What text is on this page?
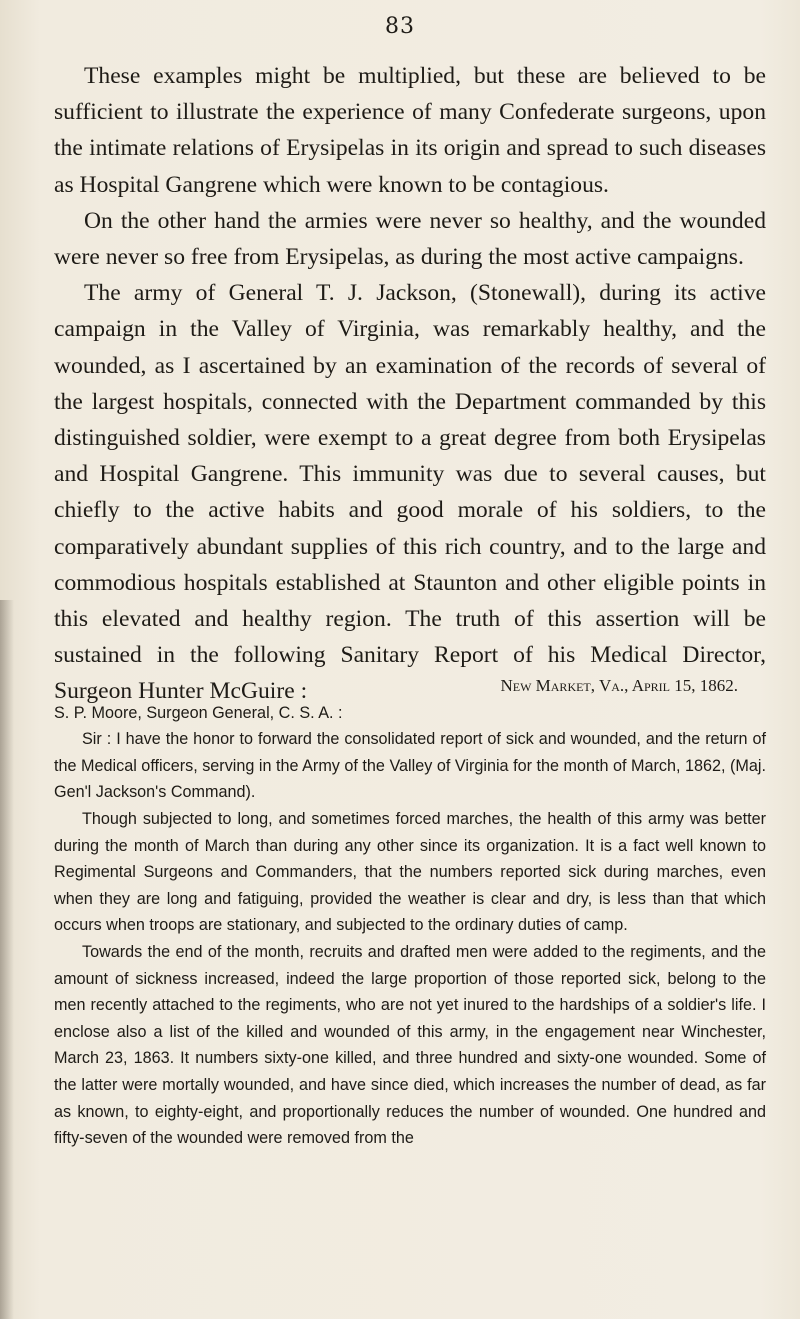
83

These examples might be multiplied, but these are believed to be sufficient to illustrate the experience of many Confederate surgeons, upon the intimate relations of Erysipelas in its origin and spread to such diseases as Hospital Gangrene which were known to be contagious.

On the other hand the armies were never so healthy, and the wounded were never so free from Erysipelas, as during the most active campaigns.

The army of General T. J. Jackson, (Stonewall), during its active campaign in the Valley of Virginia, was remarkably healthy, and the wounded, as I ascertained by an examination of the records of several of the largest hospitals, connected with the Department commanded by this distinguished soldier, were exempt to a great degree from both Erysipelas and Hospital Gangrene. This immunity was due to several causes, but chiefly to the active habits and good morale of his soldiers, to the comparatively abundant supplies of this rich country, and to the large and commodious hospitals established at Staunton and other eligible points in this elevated and healthy region. The truth of this assertion will be sustained in the following Sanitary Report of his Medical Director, Surgeon Hunter McGuire :	New Market, Va., April 15, 1862.

S. P. Moore, Surgeon General, C. S. A. :

Sir : I have the honor to forward the consolidated report of sick and wounded, and the return of the Medical officers, serving in the Army of the Valley of Virginia for the month of March, 1862, (Maj. Gen'l Jackson's Command).

Though subjected to long, and sometimes forced marches, the health of this army was better during the month of March than during any other since its organization. It is a fact well known to Regimental Surgeons and Commanders, that the numbers reported sick during marches, even when they are long and fatiguing, provided the weather is clear and dry, is less than that which occurs when troops are stationary, and subjected to the ordinary duties of camp.

Towards the end of the month, recruits and drafted men were added to the regiments, and the amount of sickness increased, indeed the large proportion of those reported sick, belong to the men recently attached to the regiments, who are not yet inured to the hardships of a soldier's life. I enclose also a list of the killed and wounded of this army, in the engagement near Winchester, March 23, 1863. It numbers sixty-one killed, and three hundred and sixty-one wounded. Some of the latter were mortally wounded, and have since died, which increases the number of dead, as far as known, to eighty-eight, and proportionally reduces the number of wounded. One hundred and fifty-seven of the wounded were removed from the
